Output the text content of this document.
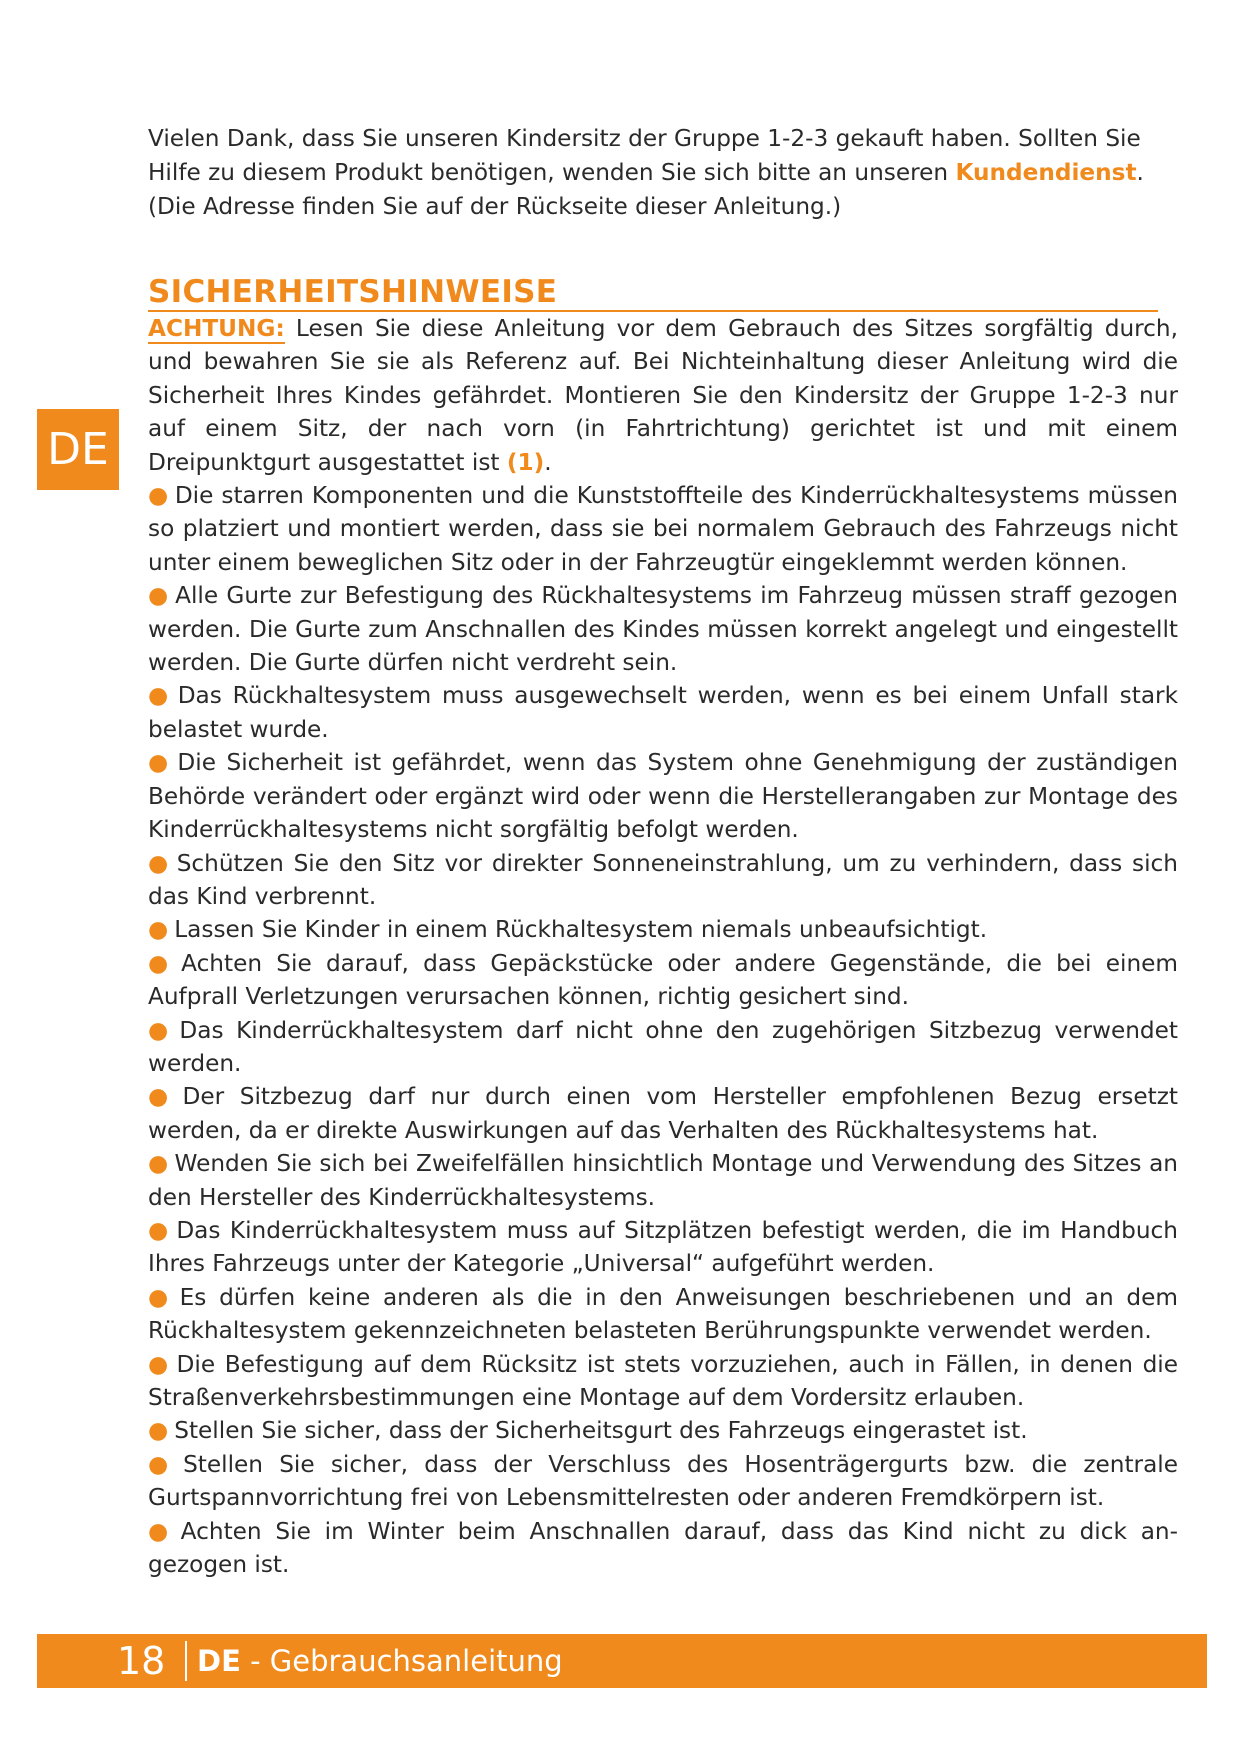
DE

Vielen Dank, dass Sie unseren Kindersitz der Gruppe 1-2-3 gekauft haben. Sollten Sie Hilfe zu diesem Produkt benötigen, wenden Sie sich bitte an unseren Kundendienst. (Die Adresse finden Sie auf der Rückseite dieser Anleitung.)

SICHERHEITSHINWEISE

ACHTUNG: Lesen Sie diese Anleitung vor dem Gebrauch des Sitzes sorgfältig durch, und bewahren Sie sie als Referenz auf. Bei Nichteinhaltung dieser Anleitung wird die Sicherheit Ihres Kindes gefährdet. Montieren Sie den Kindersitz der Gruppe 1-2-3 nur auf einem Sitz, der nach vorn (in Fahrtrichtung) gerichtet ist und mit einem Dreipunktgurt ausgestattet ist (1).

● Die starren Komponenten und die Kunststoffteile des Kinderrückhaltesystems müssen so platziert und montiert werden, dass sie bei normalem Gebrauch des Fahrzeugs nicht unter einem beweglichen Sitz oder in der Fahrzeugtür eingeklemmt werden können.

● Alle Gurte zur Befestigung des Rückhaltesystems im Fahrzeug müssen straff gezogen werden. Die Gurte zum Anschnallen des Kindes müssen korrekt angelegt und eingestellt werden. Die Gurte dürfen nicht verdreht sein.

● Das Rückhaltesystem muss ausgewechselt werden, wenn es bei einem Unfall stark belastet wurde.

● Die Sicherheit ist gefährdet, wenn das System ohne Genehmigung der zuständigen Behörde verändert oder ergänzt wird oder wenn die Herstellerangaben zur Montage des Kinderrückhaltesystems nicht sorgfältig befolgt werden.

● Schützen Sie den Sitz vor direkter Sonneneinstrahlung, um zu verhindern, dass sich das Kind verbrennt.

● Lassen Sie Kinder in einem Rückhaltesystem niemals unbeaufsichtigt.

● Achten Sie darauf, dass Gepäckstücke oder andere Gegenstände, die bei einem Aufprall Verletzungen verursachen können, richtig gesichert sind.

● Das Kinderrückhaltesystem darf nicht ohne den zugehörigen Sitzbezug verwendet werden.

● Der Sitzbezug darf nur durch einen vom Hersteller empfohlenen Bezug ersetzt werden, da er direkte Auswirkungen auf das Verhalten des Rückhaltesystems hat.

● Wenden Sie sich bei Zweifelfällen hinsichtlich Montage und Verwendung des Sitzes an den Hersteller des Kinderrückhaltesystems.

● Das Kinderrückhaltesystem muss auf Sitzplätzen befestigt werden, die im Handbuch Ihres Fahrzeugs unter der Kategorie „Universal“ aufgeführt werden.

● Es dürfen keine anderen als die in den Anweisungen beschriebenen und an dem Rückhaltesystem gekennzeichneten belasteten Berührungspunkte verwendet werden.

● Die Befestigung auf dem Rücksitz ist stets vorzuziehen, auch in Fällen, in denen die Straßenverkehrsbestimmungen eine Montage auf dem Vordersitz erlauben.

● Stellen Sie sicher, dass der Sicherheitsgurt des Fahrzeugs eingerastet ist.

● Stellen Sie sicher, dass der Verschluss des Hosenträgergurts bzw. die zentrale Gurtspannvorrichtung frei von Lebensmittelresten oder anderen Fremdkörpern ist.

● Achten Sie im Winter beim Anschnallen darauf, dass das Kind nicht zu dick angezogen ist.

18 DE - Gebrauchsanleitung
